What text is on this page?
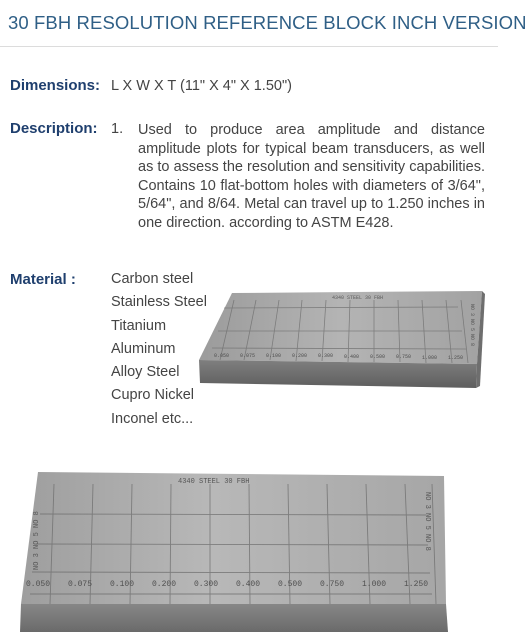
30 FBH RESOLUTION REFERENCE BLOCK INCH VERSION
Dimensions: L X W X T (11" X 4" X 1.50")
Description: 1. Used to produce area amplitude and distance amplitude plots for typical beam transducers, as well as to assess the resolution and sensitivity capabilities. Contains 10 flat-bottom holes with diameters of 3/64", 5/64", and 8/64. Metal can travel up to 1.250 inches in one direction. according to ASTM E428.
Material : Carbon steel
Stainless Steel
Titanium
Aluminum
Alloy Steel
Cupro Nickel
Inconel etc...
4340 STEEL 30 FBH
0.050 0.075 0.100 0.200 0.300 0.400 0.500 0.750 1.000 1.250
NO 3 NO 5 NO 8
4340 STEEL 30 FBH
0.050 0.075 0.100 0.200 0.300 0.400 0.500 0.750 1.000 1.250
NO 3 NO 5 NO 8	NO 3 NO 5 NO 8
